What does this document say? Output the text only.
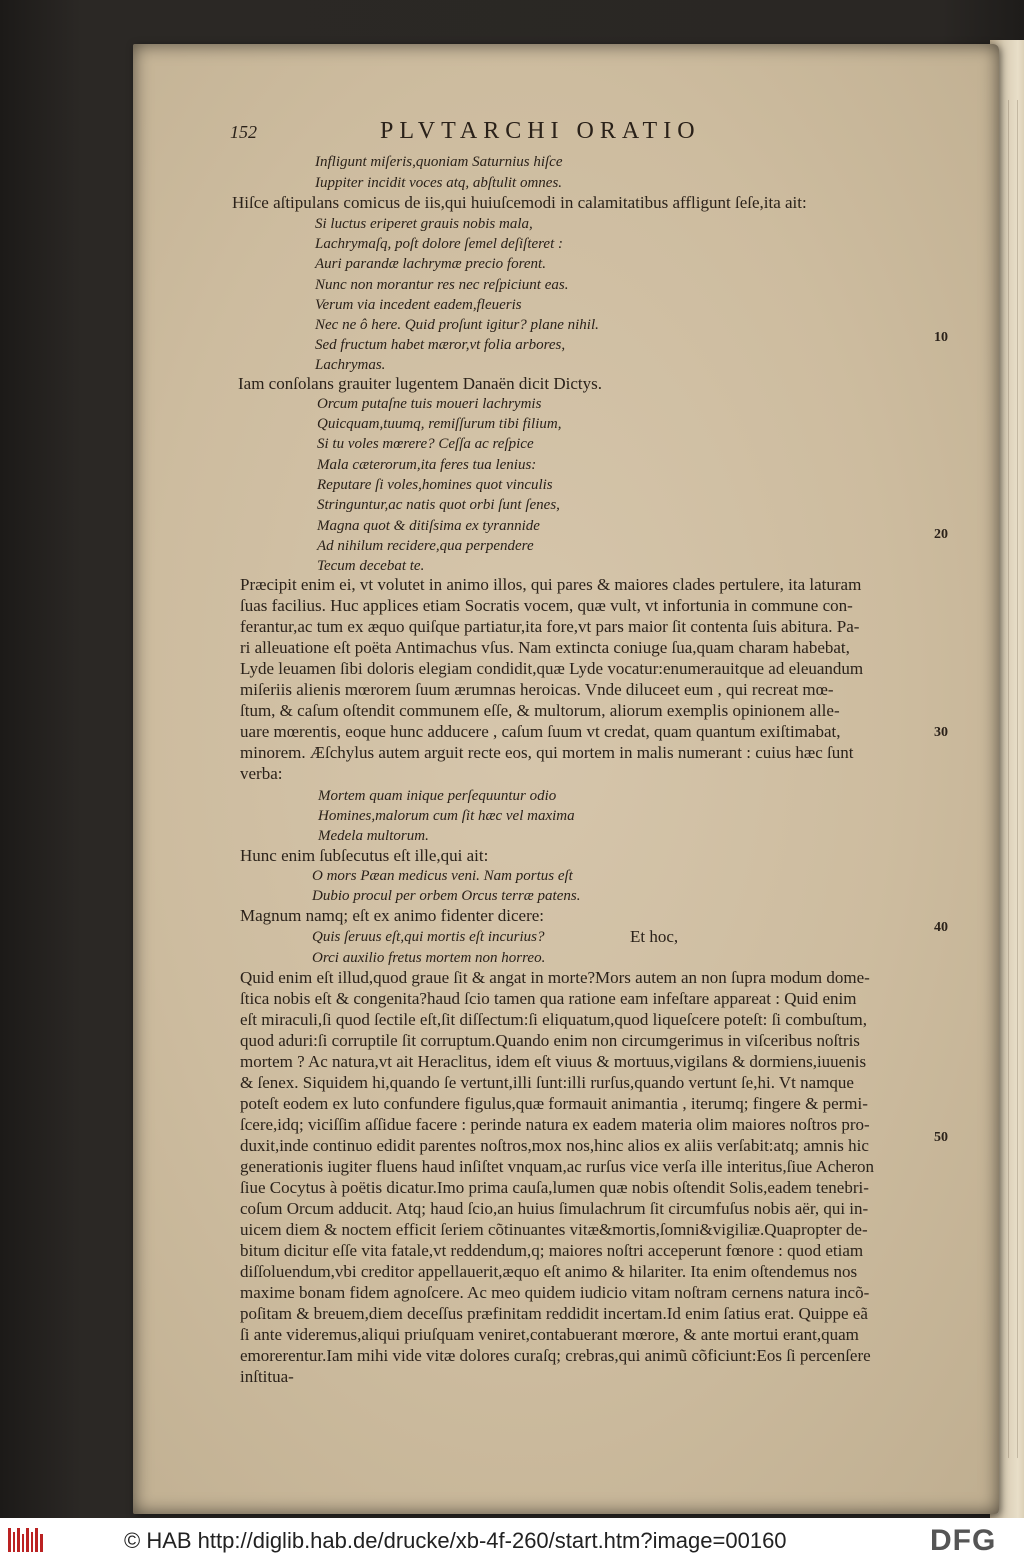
152	PLVTARCHI ORATIO
Infligunt miſeris,quoniam Saturnius hiſce
Iuppiter incidit voces atq, abſtulit omnes.
Hiſce aſtipulans comicus de iis,qui huiuſcemodi in calamitatibus affligunt ſeſe,ita ait:
Si luctus eriperet grauis nobis mala,
Lachrymaſq, poſt dolore ſemel deſiſteret :
Auri parandæ lachrymæ precio forent.
Nunc non morantur res nec reſpiciunt eas.
Verum via incedent eadem,fleueris
Nec ne ô here. Quid proſunt igitur? plane nihil.
Sed fructum habet mæror,vt folia arbores,
Lachrymas.
Iam conſolans grauiter lugentem Danaën dicit Dictys.
Orcum putaſne tuis moueri lachrymis
Quicquam,tuumq, remiſſurum tibi filium,
Si tu voles mœrere? Ceſſa ac reſpice
Mala cæterorum,ita feres tua lenius:
Reputare ſi voles,homines quot vinculis
Stringuntur,ac natis quot orbi ſunt ſenes,
Magna quot & ditiſsima ex tyrannide
Ad nihilum recidere,qua perpendere
Tecum decebat te.
Præcipit enim ei, vt volutet in animo illos, qui pares & maiores clades pertulere, ita laturam
ſuas facilius. Huc applices etiam Socratis vocem, quæ vult, vt infortunia in commune con-
ferantur,ac tum ex æquo quiſque partiatur,ita fore,vt pars maior ſit contenta ſuis abitura. Pa-
ri alleuatione eſt poëta Antimachus vſus. Nam extincta coniuge ſua,quam charam habebat,
Lyde leuamen ſibi doloris elegiam condidit,quæ Lyde vocatur:enumerauitque ad eleuandum
miſeriis alienis mœrorem ſuum ærumnas heroicas. Vnde diluceet eum , qui recreat mœ-
ſtum, & caſum oſtendit communem eſſe, & multorum, aliorum exemplis opinionem alle-
uare mœrentis, eoque hunc adducere , caſum ſuum vt credat, quam quantum exiſtimabat,
minorem. Æſchylus autem arguit recte eos, qui mortem in malis numerant : cuius hæc ſunt
verba:
Mortem quam inique perſequuntur odio
Homines,malorum cum ſit hæc vel maxima
Medela multorum.
Hunc enim ſubſecutus eſt ille,qui ait:
O mors Pæan medicus veni. Nam portus eſt
Dubio procul per orbem Orcus terræ patens.
Magnum namq; eſt ex animo fidenter dicere:
Quis ſeruus eſt,qui mortis eſt incurius?	Et hoc,
Orci auxilio fretus mortem non horreo.
Quid enim eſt illud,quod graue ſit & angat in morte?Mors autem an non ſupra modum dome-
ſtica nobis eſt & congenita?haud ſcio tamen qua ratione eam infeſtare appareat : Quid enim
eſt miraculi,ſi quod ſectile eſt,ſit diſſectum:ſi eliquatum,quod liqueſcere poteſt: ſi combuſtum,
quod aduri:ſi corruptile ſit corruptum.Quando enim non circumgerimus in viſceribus noſtris
mortem ? Ac natura,vt ait Heraclitus, idem eſt viuus & mortuus,vigilans & dormiens,iuuenis
& ſenex. Siquidem hi,quando ſe vertunt,illi ſunt:illi rurſus,quando vertunt ſe,hi. Vt namque
poteſt eodem ex luto confundere figulus,quæ formauit animantia , iterumq; fingere & permi-
ſcere,idq; viciſſim aſſidue facere : perinde natura ex eadem materia olim maiores noſtros pro-
duxit,inde continuo edidit parentes noſtros,mox nos,hinc alios ex aliis verſabit:atq; amnis hic
generationis iugiter fluens haud inſiſtet vnquam,ac rurſus vice verſa ille interitus,ſiue Acheron
ſiue Cocytus à poëtis dicatur.Imo prima cauſa,lumen quæ nobis oſtendit Solis,eadem tenebri-
coſum Orcum adducit. Atq; haud ſcio,an huius ſimulachrum ſit circumfuſus nobis aër, qui in-
uicem diem & noctem efficit ſeriem cõtinuantes vitæ&mortis,ſomni&vigiliæ.Quapropter de-
bitum dicitur eſſe vita fatale,vt reddendum,q; maiores noſtri acceperunt fœnore : quod etiam
diſſoluendum,vbi creditor appellauerit,æquo eſt animo & hilariter. Ita enim oſtendemus nos
maxime bonam fidem agnoſcere. Ac meo quidem iudicio vitam noſtram cernens natura incõ-
poſitam & breuem,diem deceſſus præfinitam reddidit incertam.Id enim ſatius erat. Quippe eã
ſi ante videremus,aliqui priuſquam veniret,contabuerant mœrore, & ante mortui erant,quam
emorerentur.Iam mihi vide vitæ dolores curaſq; crebras,qui animũ cõficiunt:Eos ſi percenſere
inſtitua-
10
20
30
40
50
© HAB http://diglib.hab.de/drucke/xb-4f-260/start.htm?image=00160	DFG
